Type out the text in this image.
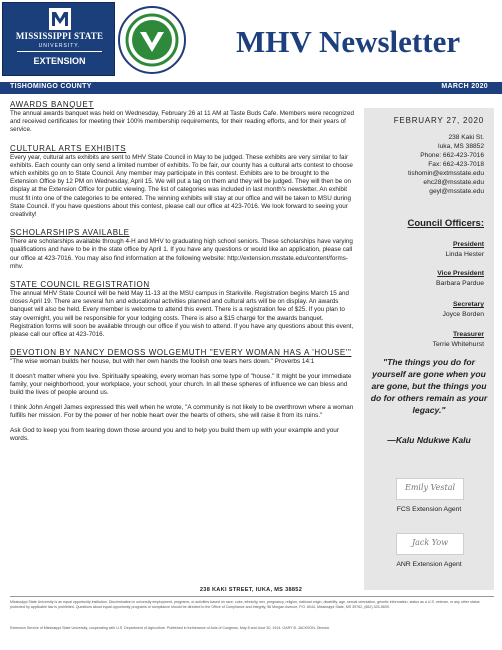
MISSISSIPPI STATE
UNIVERSITY.
EXTENSION
MHV Newsletter
TISHOMINGO COUNTY	MARCH 2020
AWARDS BANQUET
The annual awards banquet was held on Wednesday, February 26 at 11 AM at Taste Buds Cafe. Members were recognized and received certificates for meeting their 100% membership requirements, for their reading efforts, and for their years of service.
CULTURAL ARTS EXHIBITS
Every year, cultural arts exhibits are sent to MHV State Council in May to be judged. These exhibits are very similar to fair exhibits. Each county can only send a limited number of exhibits. To be fair, our county has a cultural arts contest to choose which exhibits go on to State Council. Any member may participate in this contest. Exhibits are to be brought to the Extension Office by 12 PM on Wednesday, April 15. We will put a tag on them and they will be judged. They will then be on display at the Extension Office for public viewing. The list of categories was included in last month's newsletter. An exhibit must fit into one of the categories to be entered. The winning exhibits will stay at our office and will be taken to MSU during State Council. If you have questions about this contest, please call our office at 423-7016. We look forward to seeing your creativity!
SCHOLARSHIPS AVAILABLE
There are scholarships available through 4-H and MHV to graduating high school seniors. These scholarships have varying qualifications and have to be in the state office by April 1. If you have any questions or would like an application, please call our office at 423-7016. You may also find information at the following website: http://extension.msstate.edu/content/forms-mhv.
STATE COUNCIL REGISTRATION
The annual MHV State Council will be held May 11-13 at the MSU campus in Starkville. Registration begins March 15 and closes April 19. There are several fun and educational activities planned and cultural arts will be on display. An awards banquet will also be held. Every member is welcome to attend this event. There is a registration fee of $25. If you plan to stay overnight, you will be responsible for your lodging costs. There is also a $15 charge for the awards banquet. Registration forms will soon be available through our office if you wish to attend. If you have any questions about this event, please call our office at 423-7016.
DEVOTION BY NANCY DEMOSS WOLGEMUTH "EVERY WOMAN HAS A 'HOUSE'"
"The wise woman builds her house, but with her own hands the foolish one tears hers down." Proverbs 14:1
It doesn't matter where you live. Spiritually speaking, every woman has some type of "house." It might be your immediate family, your neighborhood, your workplace, your school, your church. In all these spheres of influence we can bless and build the lives of people around us.
I think John Angell James expressed this well when he wrote, "A community is not likely to be overthrown where a woman fulfills her mission. For by the power of her noble heart over the hearts of others, she will raise it from its ruins."
Ask God to keep you from tearing down those around you and to help you build them up with your example and your words.
FEBRUARY 27, 2020
238 Kaki St.
Iuka, MS 38852
Phone: 662-423-7016
Fax: 662-423-7018
tishomin@extmsstate.edu
ehc28@msstate.edu
geyl@msstate.edu
Council Officers:
President
Linda Hester
Vice President
Barbara Pardue
Secretary
Joyce Borden
Treasurer
Terrie Whitehurst
"The things you do for yourself are gone when you are gone, but the things you do for others remain as your legacy."
—Kalu Ndukwe Kalu
Emily Vestal
FCS Extension Agent
Jack Yow
ANR Extension Agent
238 KAKI STREET, IUKA, MS 38852
Mississippi State University is an equal opportunity institution. Discrimination in university employment, programs, or activities based on race, color, ethnicity, sex, pregnancy, religion, national origin, disability, age, sexual orientation, genetic information, status as a U.S. veteran, or any other status protected by applicable law is prohibited. Questions about equal opportunity programs or compliance should be directed to the Office of Compliance and Integrity, 56 Morgan Avenue, P.O. 6044, Mississippi State, MS 39762, (662) 325-5839.
Extension Service of Mississippi State University, cooperating with U.S. Department of Agriculture. Published in furtherance of Acts of Congress, May 8 and June 30, 1914. GARY B. JACKSON, Director
